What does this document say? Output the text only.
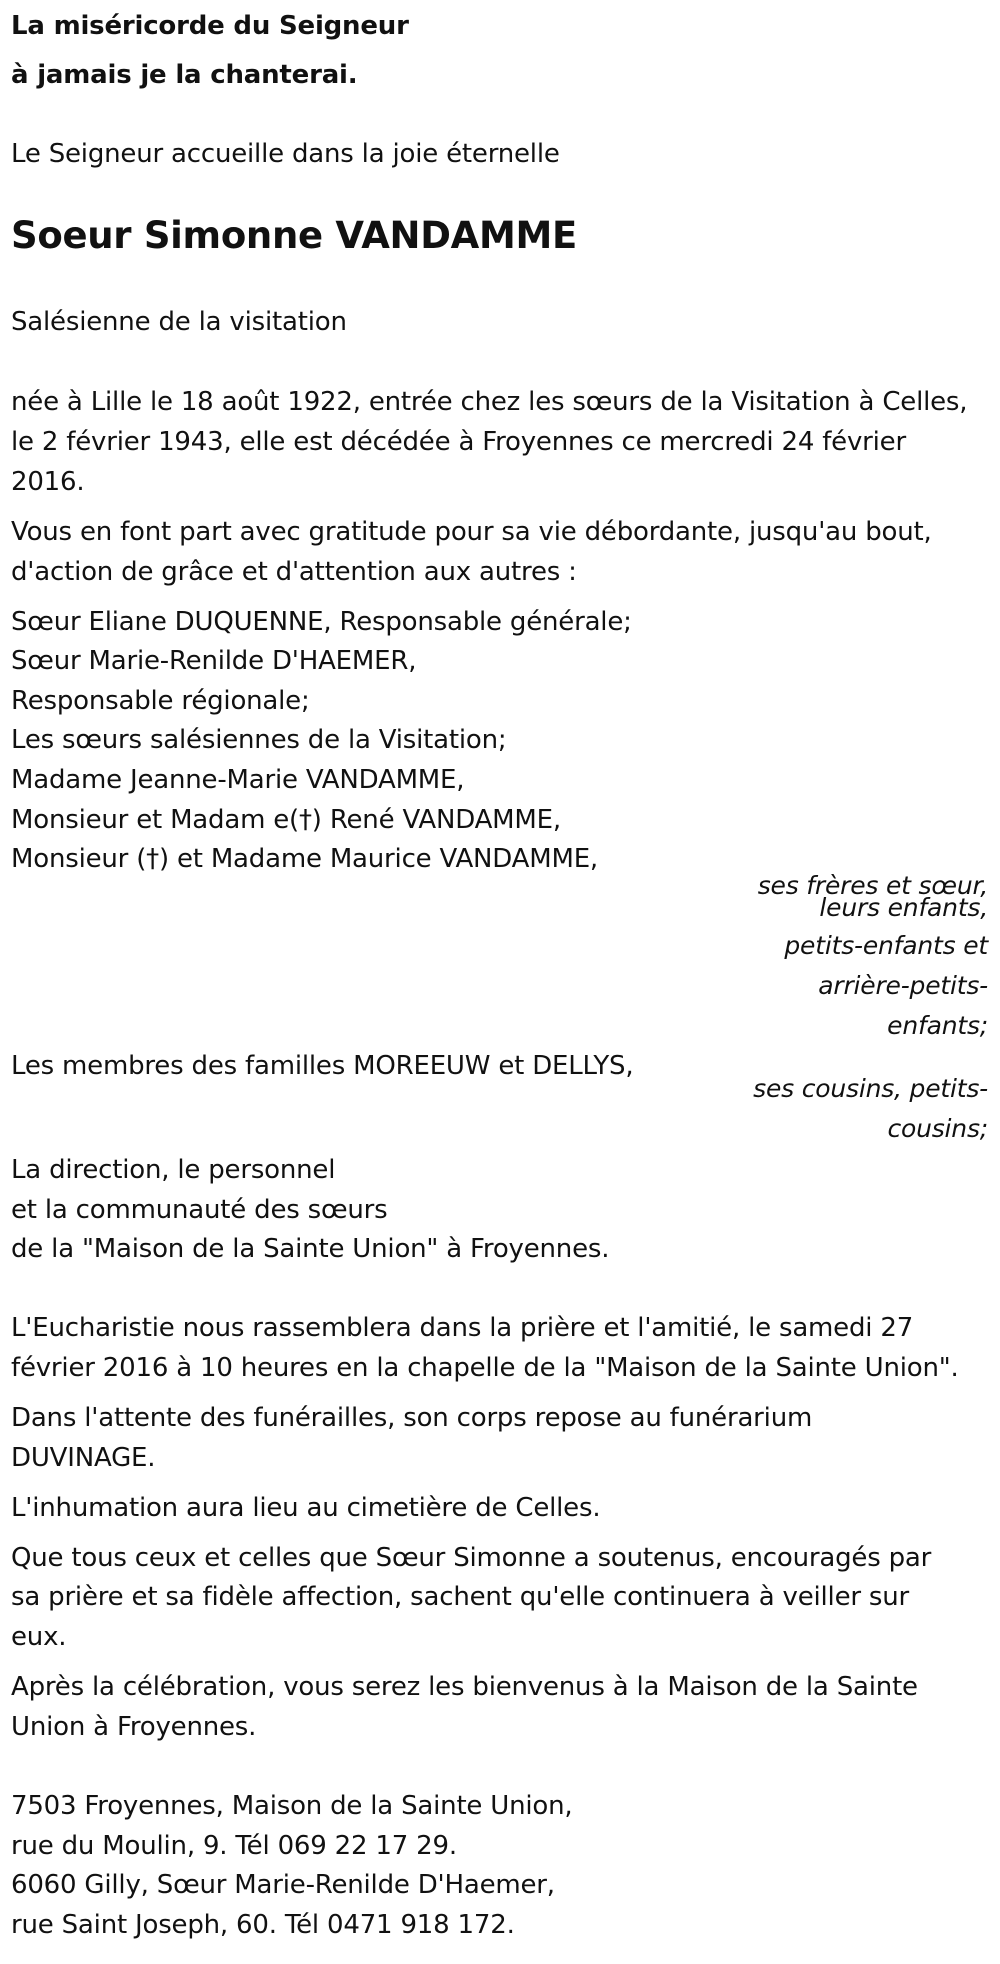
La miséricorde du Seigneur
à jamais je la chanterai.
Le Seigneur accueille dans la joie éternelle
Soeur Simonne VANDAMME
Salésienne de la visitation
née à Lille le 18 août 1922, entrée chez les sœurs de la Visitation à Celles,
le 2 février 1943, elle est décédée à Froyennes ce mercredi 24 février
2016.
Vous en font part avec gratitude pour sa vie débordante, jusqu'au bout,
d'action de grâce et d'attention aux autres :
Sœur Eliane DUQUENNE, Responsable générale;
Sœur Marie-Renilde D'HAEMER,
Responsable régionale;
Les sœurs salésiennes de la Visitation;
Madame Jeanne-Marie VANDAMME,
Monsieur et Madam e(†) René VANDAMME,
Monsieur (†) et Madame Maurice VANDAMME,
ses frères et sœur,
leurs enfants,
petits-enfants et
arrière-petits-
enfants;
Les membres des familles MOREEUW et DELLYS,
ses cousins, petits-
cousins;
La direction, le personnel
et la communauté des sœurs
de la "Maison de la Sainte Union" à Froyennes.
L'Eucharistie nous rassemblera dans la prière et l'amitié, le samedi 27
février 2016 à 10 heures en la chapelle de la "Maison de la Sainte Union".
Dans l'attente des funérailles, son corps repose au funérarium
DUVINAGE.
L'inhumation aura lieu au cimetière de Celles.
Que tous ceux et celles que Sœur Simonne a soutenus, encouragés par
sa prière et sa fidèle affection, sachent qu'elle continuera à veiller sur
eux.
Après la célébration, vous serez les bienvenus à la Maison de la Sainte
Union à Froyennes.
7503 Froyennes, Maison de la Sainte Union,
rue du Moulin, 9. Tél 069 22 17 29.
6060 Gilly, Sœur Marie-Renilde D'Haemer,
rue Saint Joseph, 60. Tél 0471 918 172.
